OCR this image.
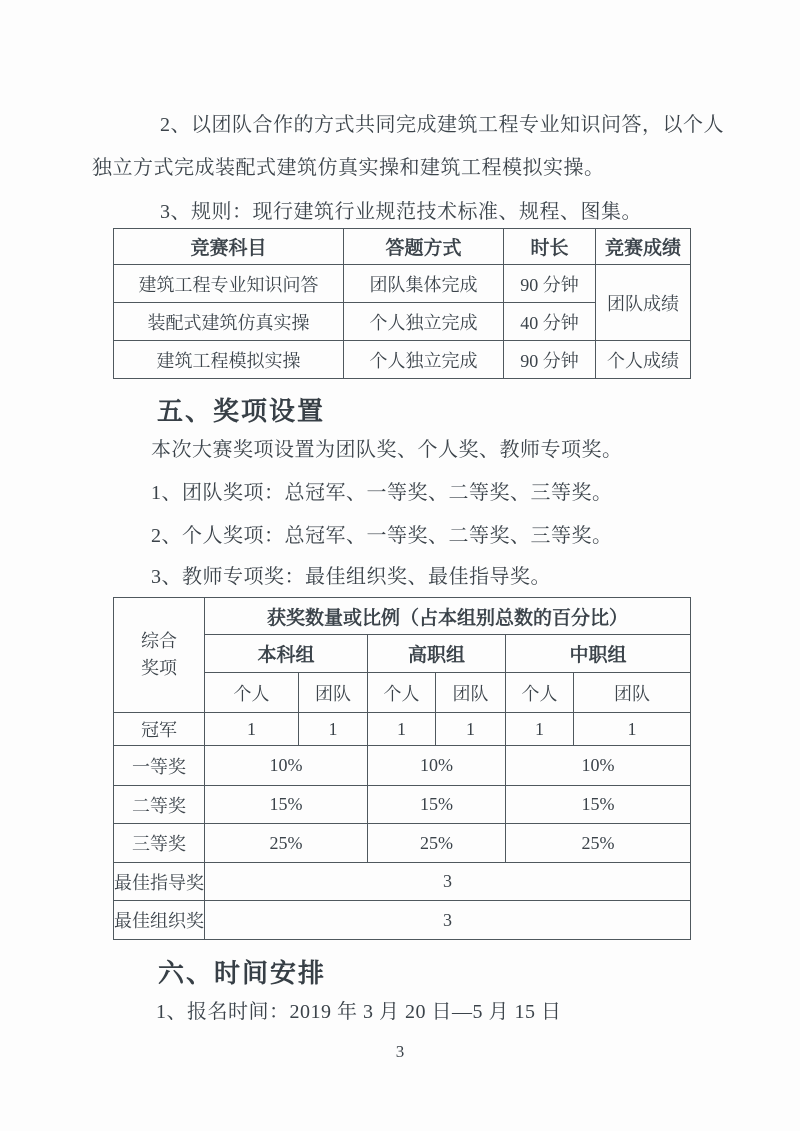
2、以团队合作的方式共同完成建筑工程专业知识问答，以个人
独立方式完成装配式建筑仿真实操和建筑工程模拟实操。
3、规则：现行建筑行业规范技术标准、规程、图集。
竞赛科目	答题方式	时长	竞赛成绩
建筑工程专业知识问答	团队集体完成	90 分钟	团队成绩
装配式建筑仿真实操	个人独立完成	40 分钟	
建筑工程模拟实操	个人独立完成	90 分钟	个人成绩
五、奖项设置
本次大赛奖项设置为团队奖、个人奖、教师专项奖。
1、团队奖项：总冠军、一等奖、二等奖、三等奖。
2、个人奖项：总冠军、一等奖、二等奖、三等奖。
3、教师专项奖：最佳组织奖、最佳指导奖。
综合
奖项	获奖数量或比例（占本组别总数的百分比）					
	本科组		高职组		中职组	
	个人	团队	个人	团队	个人	团队
冠军	1	1	1	1	1	1
一等奖	10%		10%		10%	
二等奖	15%		15%		15%	
三等奖	25%		25%		25%	
最佳指导奖	3					
最佳组织奖	3					
六、时间安排
1、报名时间：2019 年 3 月 20 日—5 月 15 日
3
